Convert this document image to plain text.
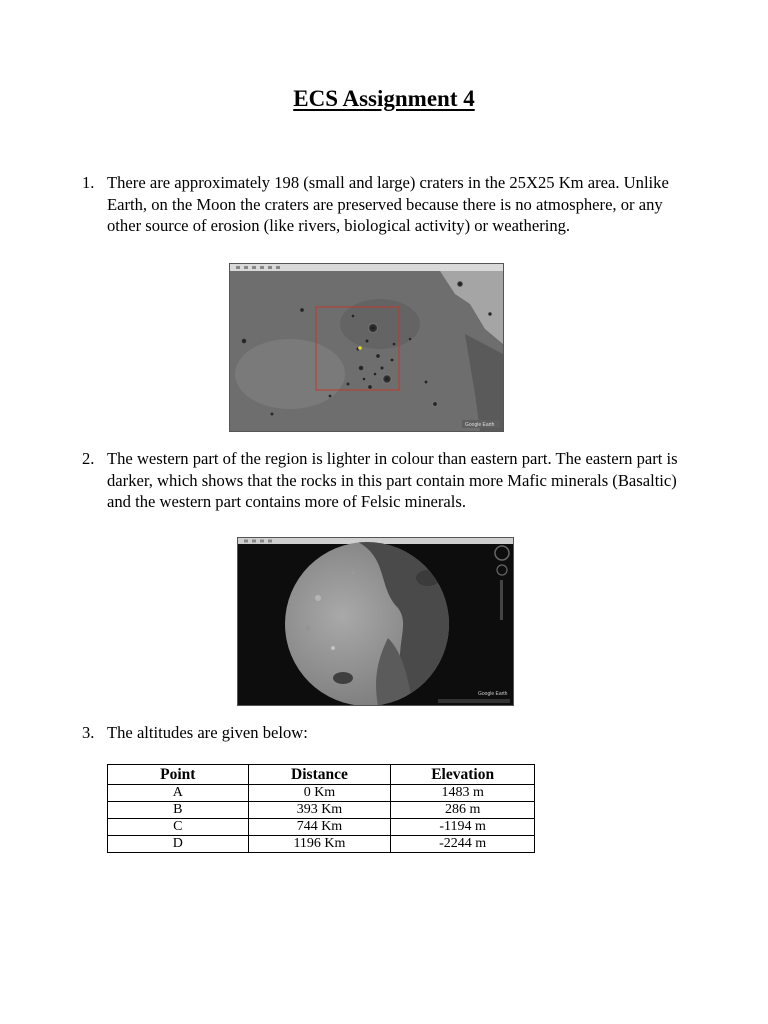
ECS Assignment 4
1. There are approximately 198 (small and large) craters in the 25X25 Km area. Unlike Earth, on the Moon the craters are preserved because there is no atmosphere, or any other source of erosion (like rivers, biological activity) or weathering.
Google Earth
2. The western part of the region is lighter in colour than eastern part. The eastern part is darker, which shows that the rocks in this part contain more Mafic minerals (Basaltic) and the western part contains more of Felsic minerals.
Google Earth
3. The altitudes are given below:
Point	Distance	Elevation
A	0 Km	1483 m
B	393 Km	286 m
C	744 Km	-1194 m
D	1196 Km	-2244 m
